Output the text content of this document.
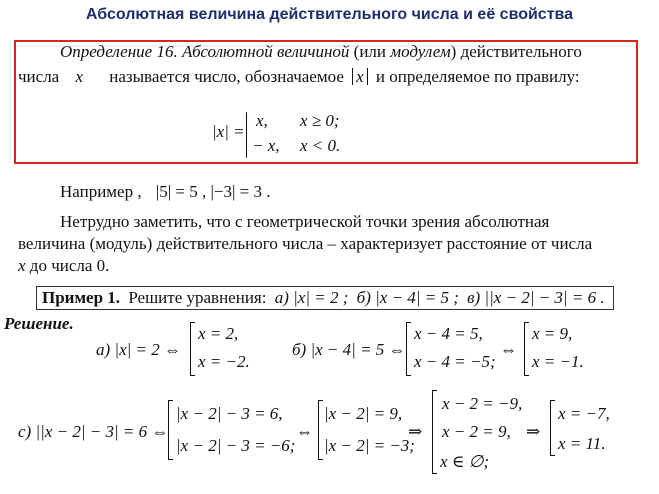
Абсолютная величина действительного числа и её свойства
Определение 16. Абсолютной величиной (или модулем) действительного
числа x называется число, обозначаемое x и определяемое по правилу:
|x| =
x, x ≥ 0;
− x, x < 0.
Например , |5| = 5 , |−3| = 3 .
Нетрудно заметить, что с геометрической точки зрения абсолютная
величина (модуль) действительного числа – характеризует расстояние от числа
x до числа 0.
Пример 1. Решите уравнения: а) |x| = 2 ; б) |x − 4| = 5 ; в) ||x − 2| − 3| = 6 .
Решение.
а) |x| = 2 ⇔
x = 2,
x = −2.
б) |x − 4| = 5 ⇔
x − 4 = 5,
x − 4 = −5;
⇔
x = 9,
x = −1.
с) ||x − 2| − 3| = 6 ⇔
|x − 2| − 3 = 6,
|x − 2| − 3 = −6;
⇔
|x − 2| = 9,
|x − 2| = −3;
⇒
x − 2 = −9,
x − 2 = 9,
x ∈ ∅;
⇒
x = −7,
x = 11.
